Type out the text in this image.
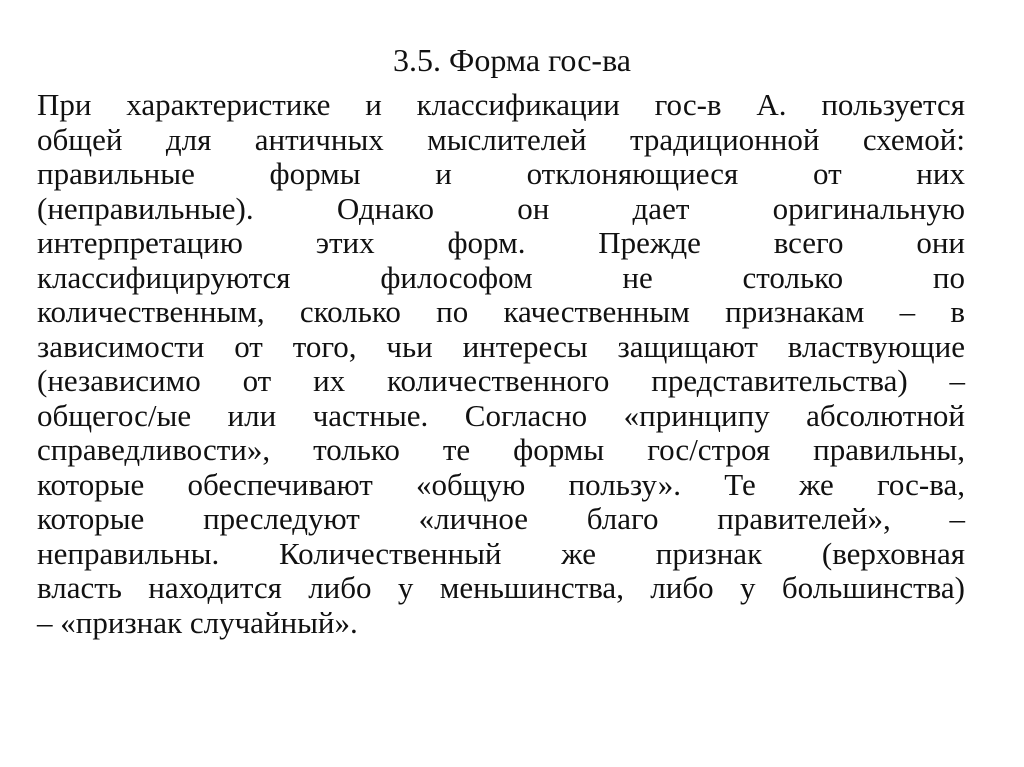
3.5. Форма гос-ва
При характеристике и классификации гос-в А. пользуется
общей для античных мыслителей традиционной схемой:
правильные формы и отклоняющиеся от них
(неправильные). Однако он дает оригинальную
интерпретацию этих форм. Прежде всего они
классифицируются философом не столько по
количественным, сколько по качественным признакам – в
зависимости от того, чьи интересы защищают властвующие
(независимо от их количественного представительства) –
общегос/ые или частные. Согласно «принципу абсолютной
справедливости», только те формы гос/строя правильны,
которые обеспечивают «общую пользу». Те же гос-ва,
которые преследуют «личное благо правителей», –
неправильны. Количественный же признак (верховная
власть находится либо у меньшинства, либо у большинства)
– «признак случайный».
